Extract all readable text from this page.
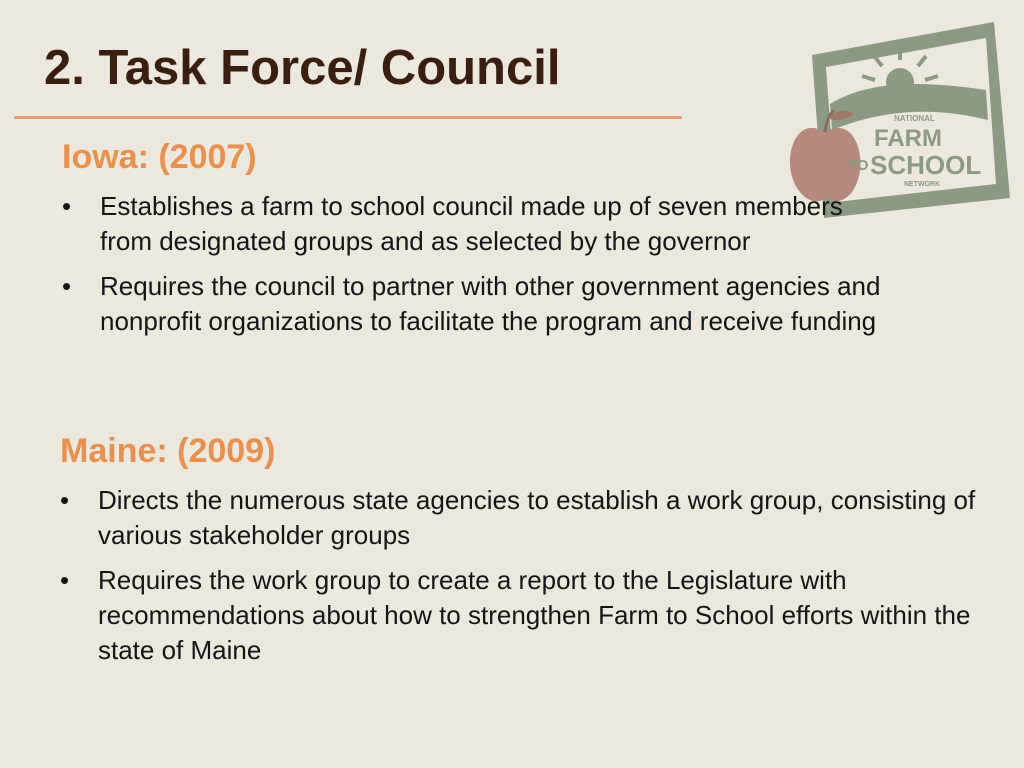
2. Task Force/ Council
NATIONAL
FARM
TO SCHOOL
NETWORK
Iowa: (2007)
• Establishes a farm to school council made up of seven members from designated groups and as selected by the governor
• Requires the council to partner with other government agencies and nonprofit organizations to facilitate the program and receive funding
Maine: (2009)
• Directs the numerous state agencies to establish a work group, consisting of various stakeholder groups
• Requires the work group to create a report to the Legislature with recommendations about how to strengthen Farm to School efforts within the state of Maine
